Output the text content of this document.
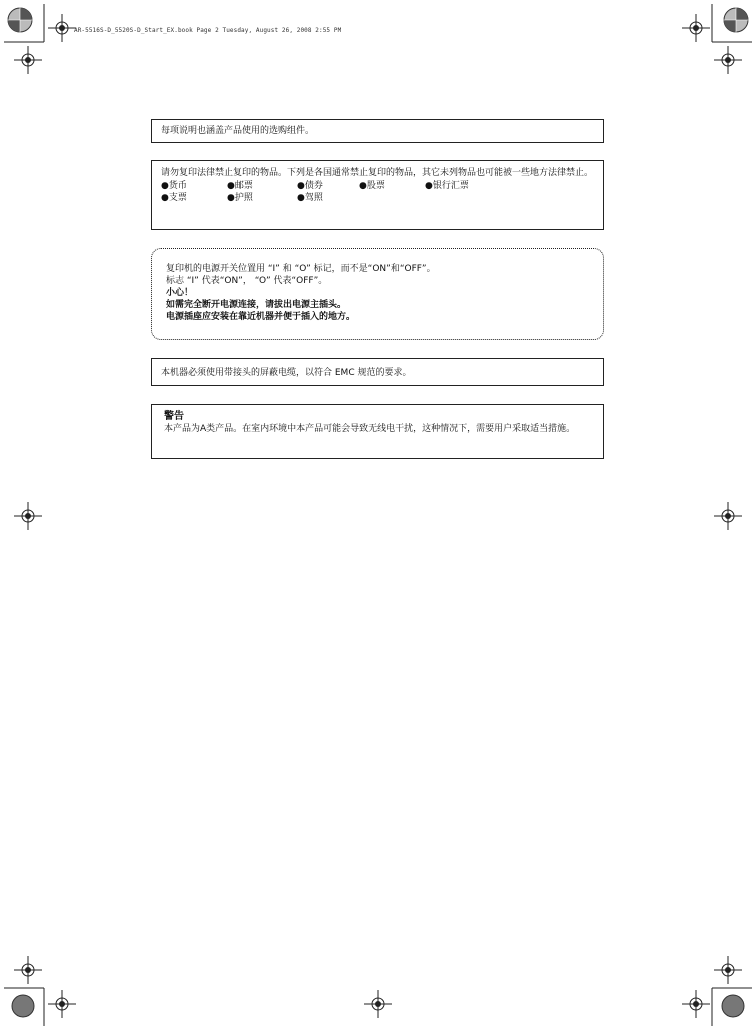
AR-5516S-D_5520S-D_Start_EX.book Page 2 Tuesday, August 26, 2008 2:55 PM
每项说明也涵盖产品使用的选购组件。
请勿复印法律禁止复印的物品。下列是各国通常禁止复印的物品，其它未列物品也可能被一些地方法律禁止。
●货币	●邮票	●债券	●股票	●银行汇票
●支票	●护照	●驾照
复印机的电源开关位置用 “I” 和 “O” 标记，而不是“ON”和“OFF”。
标志 “I” 代表“ON”， “O” 代表“OFF”。
小心！
如需完全断开电源连接，请拔出电源主插头。
电源插座应安装在靠近机器并便于插入的地方。
本机器必须使用带接头的屏蔽电缆，以符合 EMC 规范的要求。
警告
本产品为A类产品。在室内环境中本产品可能会导致无线电干扰，这种情况下，需要用户采取适当措施。
